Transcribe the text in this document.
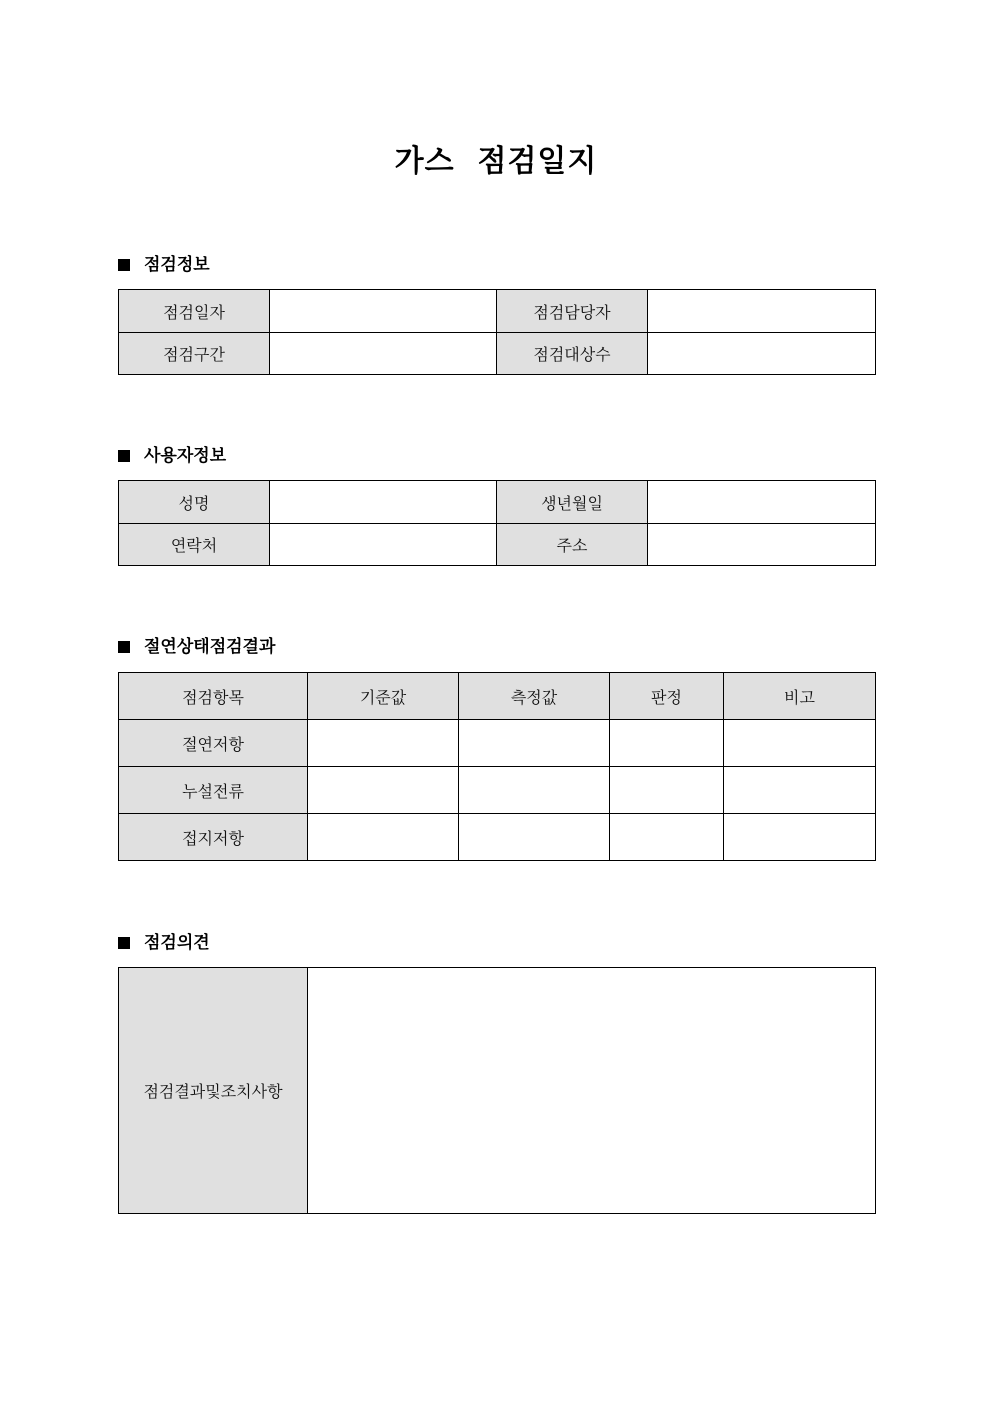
가스  점검일지
점검정보
점검일자		점검담당자	
점검구간		점검대상수	
사용자정보
성명		생년월일	
연락처		주소	
절연상태점검결과
점검항목	기준값	측정값	판정	비고
절연저항				
누설전류				
접지저항				
점검의견
점검결과및조치사항	
